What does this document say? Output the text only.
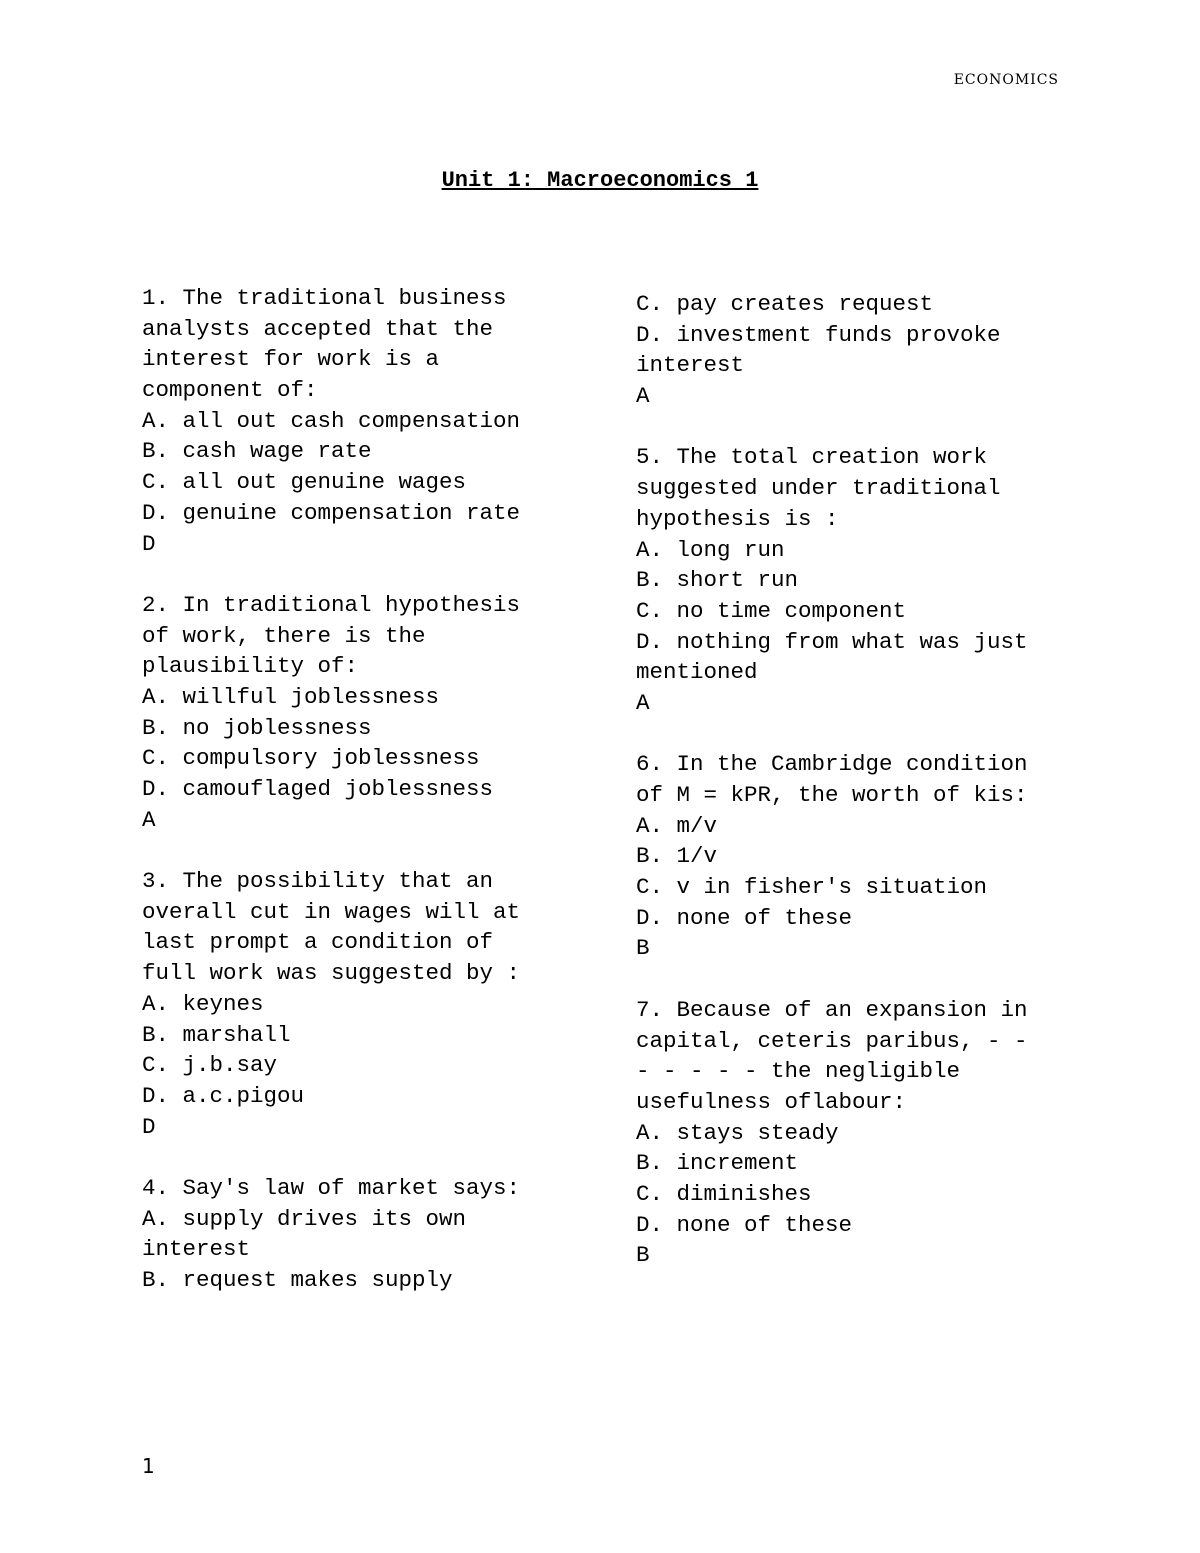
ECONOMICS
Unit 1: Macroeconomics 1
1. The traditional business
analysts accepted that the
interest for work is a
component of:
A. all out cash compensation
B. cash wage rate
C. all out genuine wages
D. genuine compensation rate
D
2. In traditional hypothesis
of work, there is the
plausibility of:
A. willful joblessness
B. no joblessness
C. compulsory joblessness
D. camouflaged joblessness
A
3. The possibility that an
overall cut in wages will at
last prompt a condition of
full work was suggested by :
A. keynes
B. marshall
C. j.b.say
D. a.c.pigou
D
4. Say's law of market says:
A. supply drives its own
interest
B. request makes supply
C. pay creates request
D. investment funds provoke
interest
A
5. The total creation work
suggested under traditional
hypothesis is :
A. long run
B. short run
C. no time component
D. nothing from what was just
mentioned
A
6. In the Cambridge condition
of M = kPR, the worth of kis:
A. m/v
B. 1/v
C. v in fisher's situation
D. none of these
B
7. Because of an expansion in
capital, ceteris paribus, - -
- - - - - the negligible
usefulness oflabour:
A. stays steady
B. increment
C. diminishes
D. none of these
B
1
